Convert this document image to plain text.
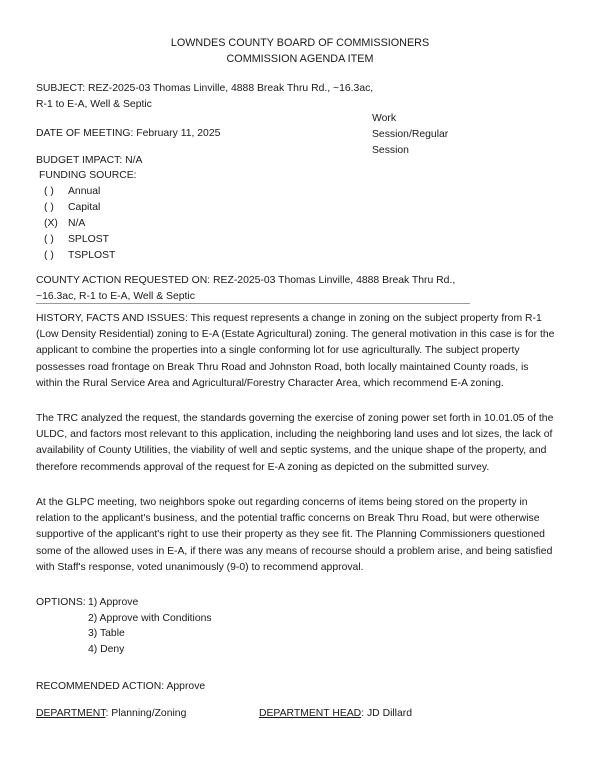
LOWNDES COUNTY BOARD OF COMMISSIONERS
COMMISSION AGENDA ITEM
SUBJECT: REZ-2025-03 Thomas Linville, 4888 Break Thru Rd., ~16.3ac,
R-1 to E-A, Well & Septic
DATE OF MEETING: February 11, 2025
Work
Session/Regular
Session
BUDGET IMPACT: N/A
FUNDING SOURCE:
( )	Annual
( )	Capital
(X) N/A
( )	SPLOST
( )	TSPLOST
COUNTY ACTION REQUESTED ON: REZ-2025-03 Thomas Linville, 4888 Break Thru Rd.,
~16.3ac, R-1 to E-A, Well & Septic
HISTORY, FACTS AND ISSUES: This request represents a change in zoning on the subject property from R-1 (Low Density Residential) zoning to E-A (Estate Agricultural) zoning. The general motivation in this case is for the applicant to combine the properties into a single conforming lot for use agriculturally. The subject property possesses road frontage on Break Thru Road and Johnston Road, both locally maintained County roads, is within the Rural Service Area and Agricultural/Forestry Character Area, which recommend E-A zoning.
The TRC analyzed the request, the standards governing the exercise of zoning power set forth in 10.01.05 of the ULDC, and factors most relevant to this application, including the neighboring land uses and lot sizes, the lack of availability of County Utilities, the viability of well and septic systems, and the unique shape of the property, and therefore recommends approval of the request for E-A zoning as depicted on the submitted survey.
At the GLPC meeting, two neighbors spoke out regarding concerns of items being stored on the property in relation to the applicant's business, and the potential traffic concerns on Break Thru Road, but were otherwise supportive of the applicant's right to use their property as they see fit. The Planning Commissioners questioned some of the allowed uses in E-A, if there was any means of recourse should a problem arise, and being satisfied with Staff's response, voted unanimously (9-0) to recommend approval.
OPTIONS: 1) Approve
2) Approve with Conditions
3) Table
4) Deny
RECOMMENDED ACTION: Approve
DEPARTMENT: Planning/Zoning	DEPARTMENT HEAD: JD Dillard
